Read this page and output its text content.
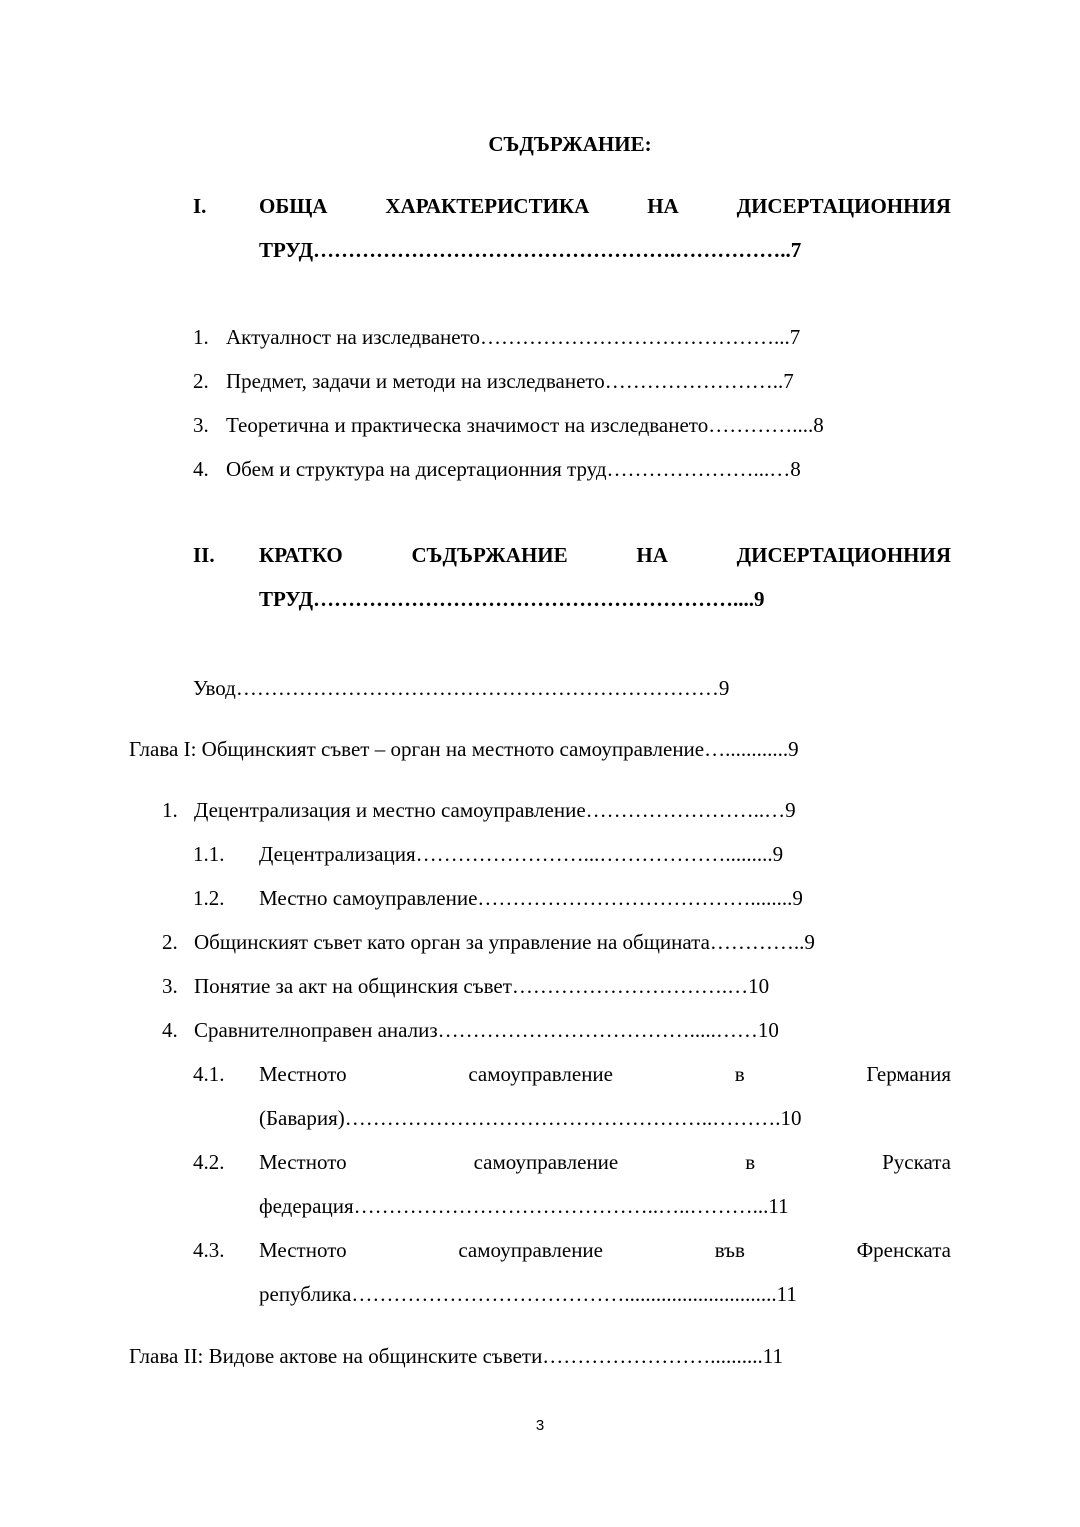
СЪДЪРЖАНИЕ:
I.	ОБЩА	ХАРАКТЕРИСТИКА	НА	ДИСЕРТАЦИОННИЯ
ТРУД…………………………………………….……………..7
1. Актуалност на изследването……………………………………...7
2. Предмет, задачи и методи на изследването……………………..7
3. Теоретична и практическа значимост на изследването…………....8
4. Обем и структура на дисертационния труд…………………...…8
II. КРАТКО	СЪДЪРЖАНИЕ	НА	ДИСЕРТАЦИОННИЯ
ТРУД……………………………………………………....9
Увод……………………………………………………………9
Глава I: Общинският съвет – орган на местното самоуправление…............9
1. Децентрализация и местно самоуправление……………………..…9
1.1. Децентрализация……………………...……………….........9
1.2. Местно самоуправление…………………………………........9
2. Общинският съвет като орган за управление на общината…………..9
3. Понятие за акт на общинския съвет………………………….…10
4. Сравнителноправен анализ……………………………….....……10
4.1. Местното	самоуправление	в	Германия
(Бавария)……………………………………………..……….10
4.2. Местното	самоуправление	в	Руската
федерация……………………………………..…..………...11
4.3. Местното	самоуправление	във	Френската
република………………………………….............................11
Глава II: Видове актове на общинските съвети……………………..........11
3
